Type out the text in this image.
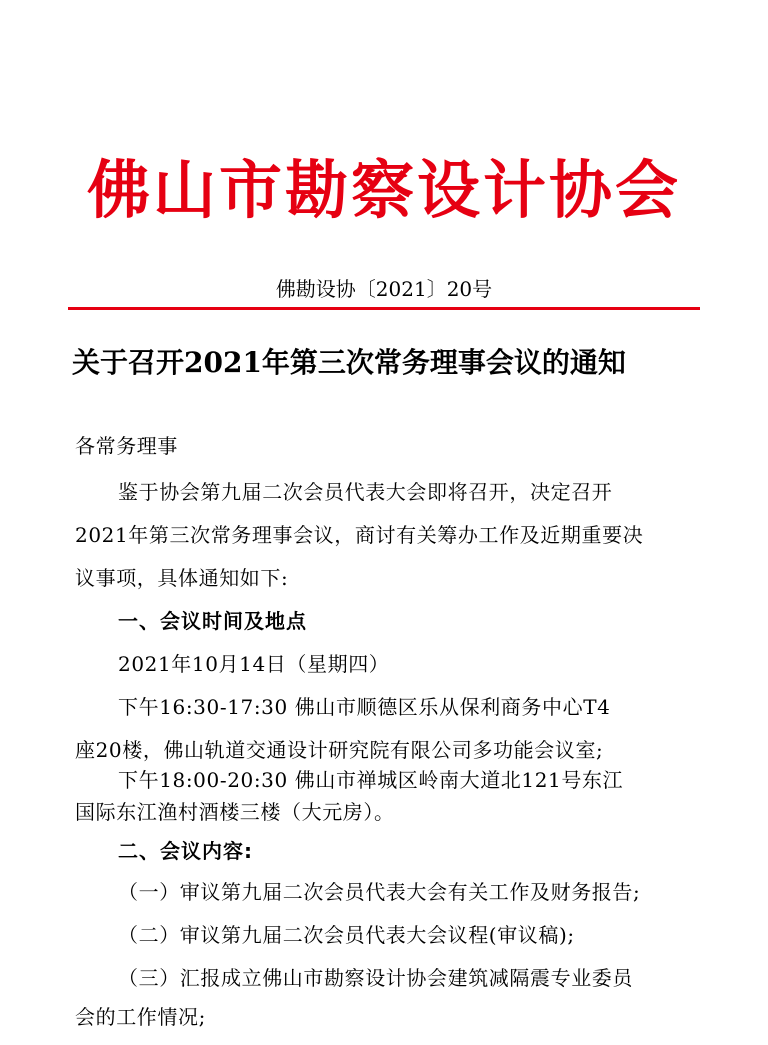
佛山市勘察设计协会
佛勘设协〔2021〕20号
关于召开2021年第三次常务理事会议的通知
各常务理事
鉴于协会第九届二次会员代表大会即将召开，决定召开
2021年第三次常务理事会议，商讨有关筹办工作及近期重要决
议事项，具体通知如下:
一、会议时间及地点
2021年10月14日（星期四）
下午16:30-17:30 佛山市顺德区乐从保利商务中心T4
座20楼，佛山轨道交通设计研究院有限公司多功能会议室;
下午18:00-20:30 佛山市禅城区岭南大道北121号东江
国际东江渔村酒楼三楼（大元房）。
二、会议内容:
（一）审议第九届二次会员代表大会有关工作及财务报告;
（二）审议第九届二次会员代表大会议程(审议稿);
（三）汇报成立佛山市勘察设计协会建筑减隔震专业委员
会的工作情况;
